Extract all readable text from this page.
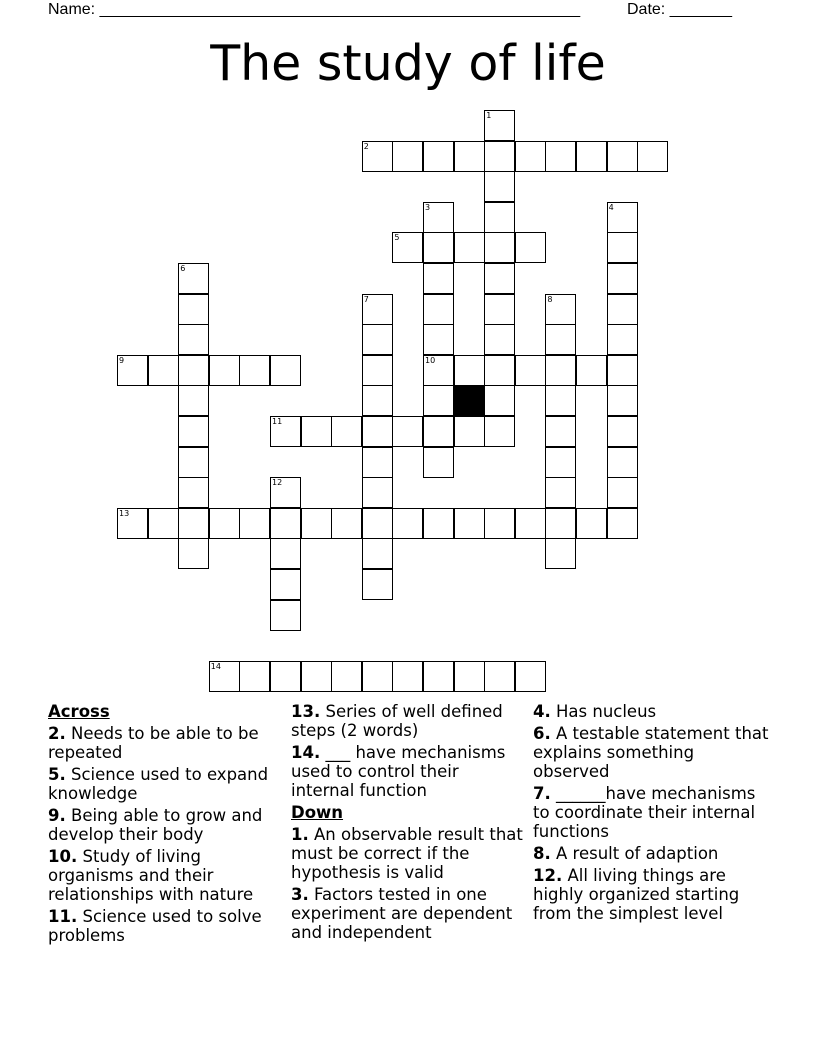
Name: ______________________________________________________	Date: _______
The study of life
2
5
9	10
11
13
14
1
3	4
6
7	8
12
Across
2. Needs to be able to be repeated
5. Science used to expand knowledge
9. Being able to grow and develop their body
10. Study of living organisms and their relationships with nature
11. Science used to solve problems
13. Series of well defined steps (2 words)
14. ___ have mechanisms used to control their internal function
Down
1. An observable result that must be correct if the hypothesis is valid
3. Factors tested in one experiment are dependent and independent
4. Has nucleus
6. A testable statement that explains something observed
7. ______have mechanisms to coordinate their internal functions
8. A result of adaption
12. All living things are highly organized starting from the simplest level
